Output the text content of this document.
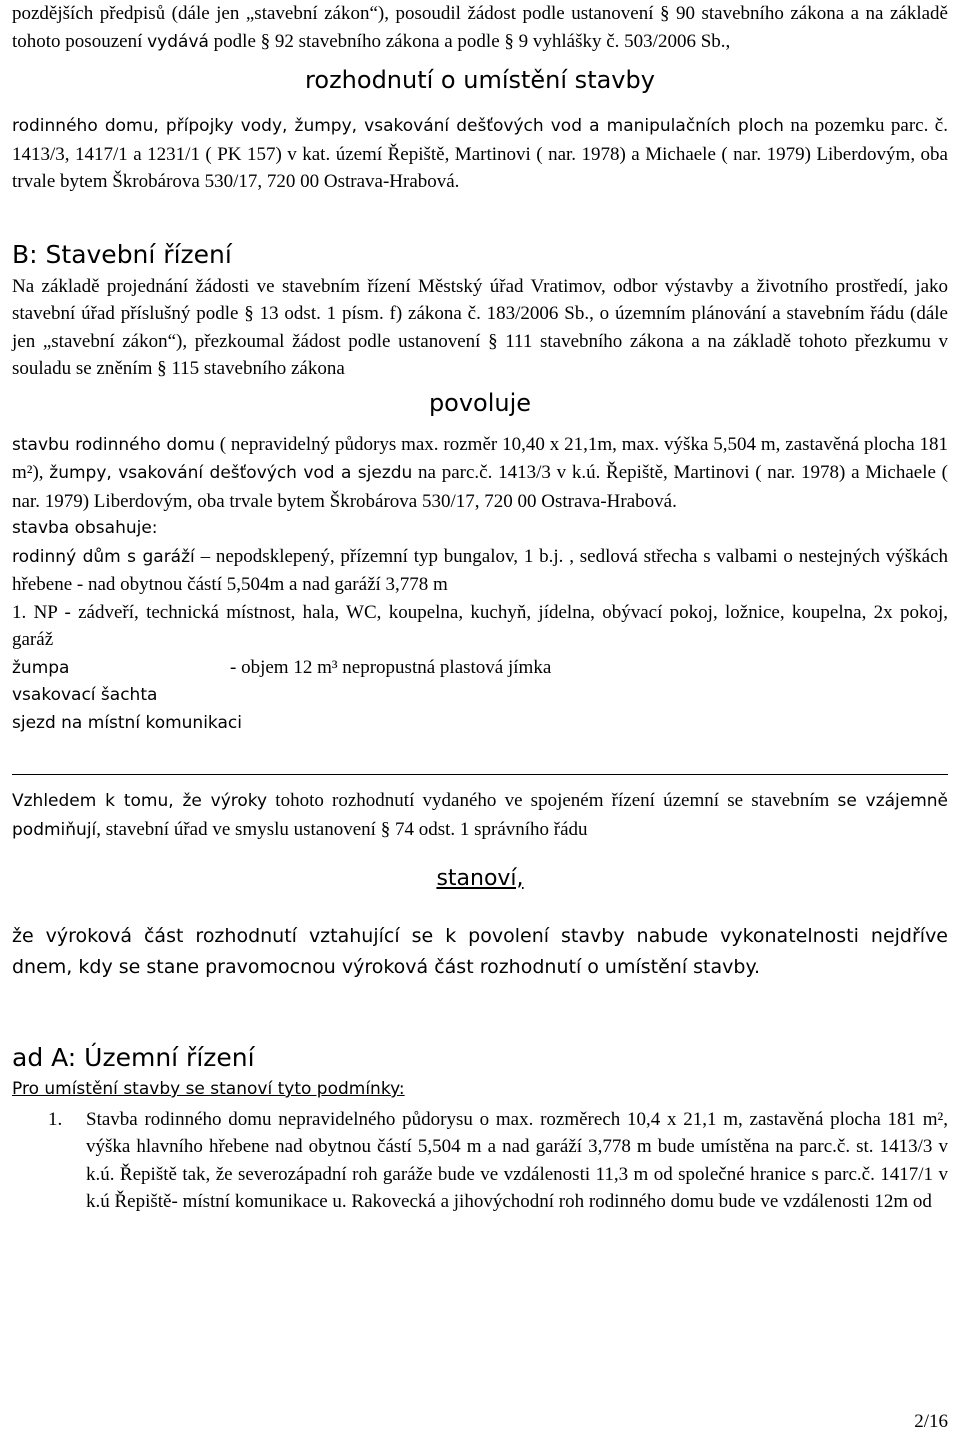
pozdějších předpisů (dále jen „stavební zákon“), posoudil žádost podle ustanovení § 90 stavebního zákona a na základě tohoto posouzení vydává podle § 92 stavebního zákona a podle § 9 vyhlášky č. 503/2006 Sb.,

rozhodnutí o umístění stavby

rodinného domu, přípojky vody, žumpy, vsakování dešťových vod a manipulačních ploch na pozemku parc. č. 1413/3, 1417/1 a 1231/1 ( PK 157) v kat. území Řepiště, Martinovi ( nar. 1978) a Michaele ( nar. 1979) Liberdovým, oba trvale bytem Škrobárova 530/17, 720 00 Ostrava-Hrabová.

B: Stavební řízení

Na základě projednání žádosti ve stavebním řízení Městský úřad Vratimov, odbor výstavby a životního prostředí, jako stavební úřad příslušný podle § 13 odst. 1 písm. f) zákona č. 183/2006 Sb., o územním plánování a stavebním řádu (dále jen „stavební zákon“), přezkoumal žádost podle ustanovení § 111 stavebního zákona a na základě tohoto přezkumu v souladu se zněním § 115 stavebního zákona

povoluje

stavbu rodinného domu ( nepravidelný půdorys max. rozměr 10,40 x 21,1m, max. výška 5,504 m, zastavěná plocha 181 m²), žumpy, vsakování dešťových vod a sjezdu na parc.č. 1413/3 v k.ú. Řepiště, Martinovi ( nar. 1978) a Michaele ( nar. 1979) Liberdovým, oba trvale bytem Škrobárova 530/17, 720 00 Ostrava-Hrabová.

stavba obsahuje:

rodinný dům s garáží – nepodsklepený, přízemní typ bungalov, 1 b.j. , sedlová střecha s valbami o nestejných výškách hřebene - nad obytnou částí 5,504m a nad garáží 3,778 m

1. NP - zádveří, technická místnost, hala, WC, koupelna, kuchyň, jídelna, obývací pokoj, ložnice, koupelna, 2x pokoj, garáž

žumpa	- objem 12 m³ nepropustná plastová jímka

vsakovací šachta

sjezd na místní komunikaci

Vzhledem k tomu, že výroky tohoto rozhodnutí vydaného ve spojeném řízení územní se stavebním se vzájemně podmiňují, stavební úřad ve smyslu ustanovení § 74 odst. 1 správního řádu

stanoví,

že výroková část rozhodnutí vztahující se k povolení stavby nabude vykonatelnosti nejdříve dnem, kdy se stane pravomocnou výroková část rozhodnutí o umístění stavby.

ad A: Územní řízení

Pro umístění stavby se stanoví tyto podmínky:

1.	Stavba rodinného domu nepravidelného půdorysu o max. rozměrech 10,4 x 21,1 m, zastavěná plocha 181 m², výška hlavního hřebene nad obytnou částí 5,504 m a nad garáží 3,778 m bude umístěna na parc.č. st. 1413/3 v k.ú. Řepiště tak, že severozápadní roh garáže bude ve vzdálenosti 11,3 m od společné hranice s parc.č. 1417/1 v k.ú Řepiště- místní komunikace u. Rakovecká a jihovýchodní roh rodinného domu bude ve vzdálenosti 12m od
2/16
